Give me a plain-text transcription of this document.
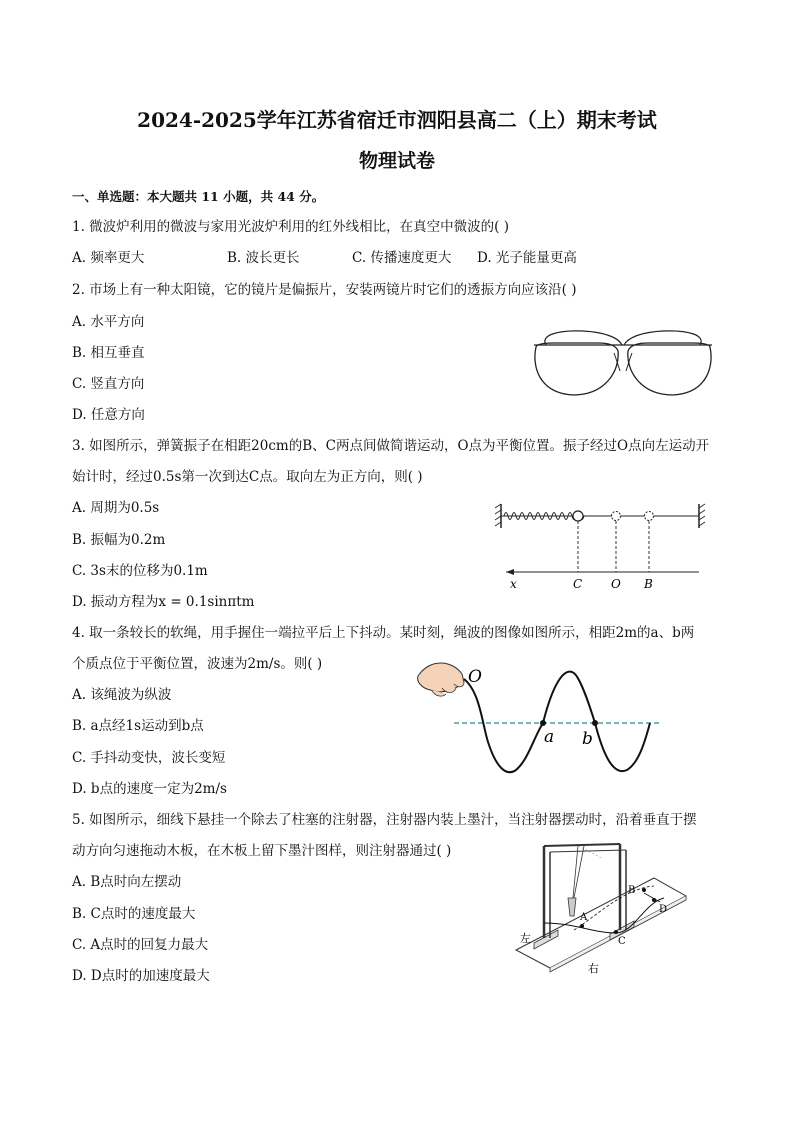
2024-2025学年江苏省宿迁市泗阳县高二（上）期末考试
物理试卷
一、单选题：本大题共 11 小题，共 44 分。
1. 微波炉利用的微波与家用光波炉利用的红外线相比，在真空中微波的( )
A. 频率更大	B. 波长更长	C. 传播速度更大 D. 光子能量更高
2. 市场上有一种太阳镜，它的镜片是偏振片，安装两镜片时它们的透振方向应该沿( )
A. 水平方向
B. 相互垂直
C. 竖直方向
D. 任意方向
3. 如图所示，弹簧振子在相距20cm的B、C两点间做简谐运动，O点为平衡位置。振子经过O点向左运动开
始计时，经过0.5s第一次到达C点。取向左为正方向，则( )
A. 周期为0.5s
B. 振幅为0.2m
C. 3s末的位移为0.1m
D. 振动方程为x = 0.1sinπtm
x	C O B
4. 取一条较长的软绳，用手握住一端拉平后上下抖动。某时刻，绳波的图像如图所示，相距2m的a、b两
个质点位于平衡位置，波速为2m/s。则( )
A. 该绳波为纵波
B. a点经1s运动到b点
C. 手抖动变快，波长变短
D. b点的速度一定为2m/s
O
a b
5. 如图所示，细线下悬挂一个除去了柱塞的注射器，注射器内装上墨汁，当注射器摆动时，沿着垂直于摆
动方向匀速拖动木板，在木板上留下墨汁图样，则注射器通过( )
A. B点时向左摆动
B. C点时的速度最大
C. A点时的回复力最大
D. D点时的加速度最大
A
B
C
D
左
右
